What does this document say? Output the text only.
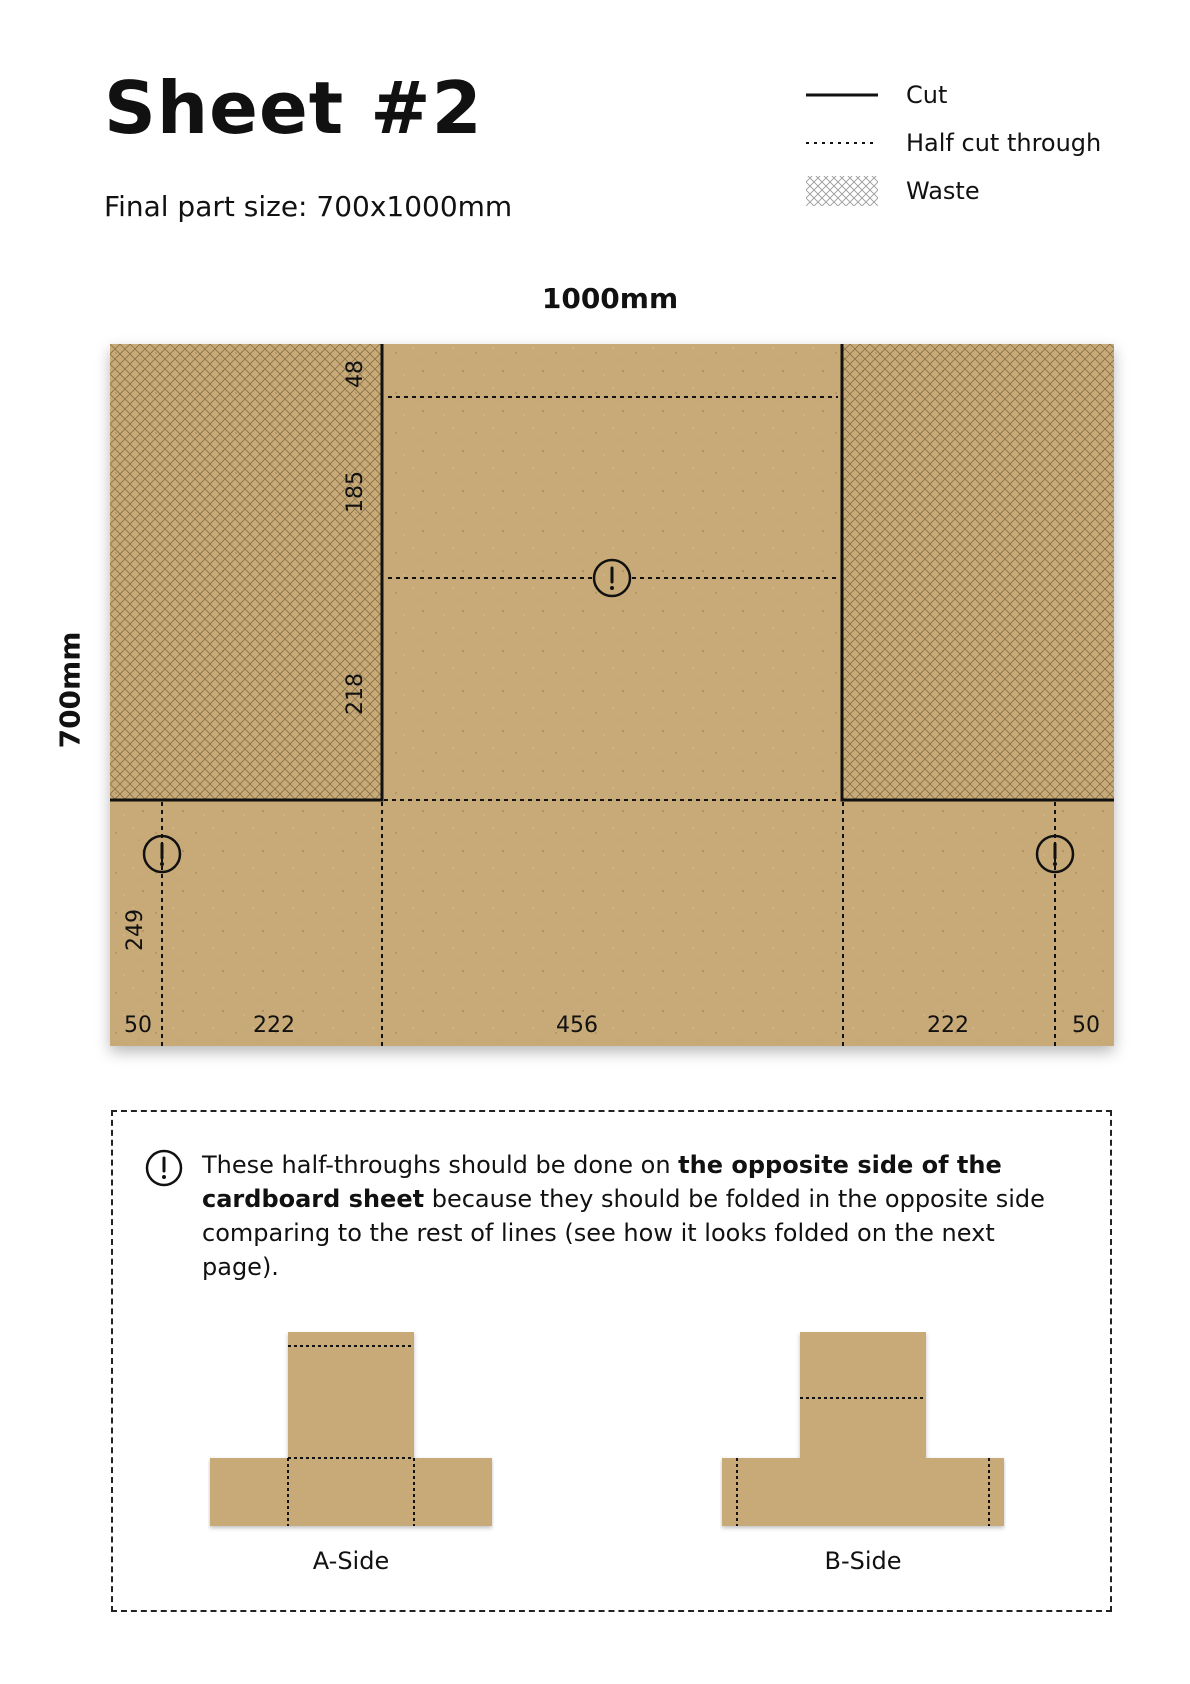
Sheet #2
Final part size: 700x1000mm
Cut
Half cut through
Waste
1000mm
700mm
48
185
218
249
50	222	456	222	50
These half-throughs should be done on the opposite side of the cardboard sheet because they should be folded in the opposite side comparing to the rest of lines (see how it looks folded on the next page).
A-Side	B-Side
